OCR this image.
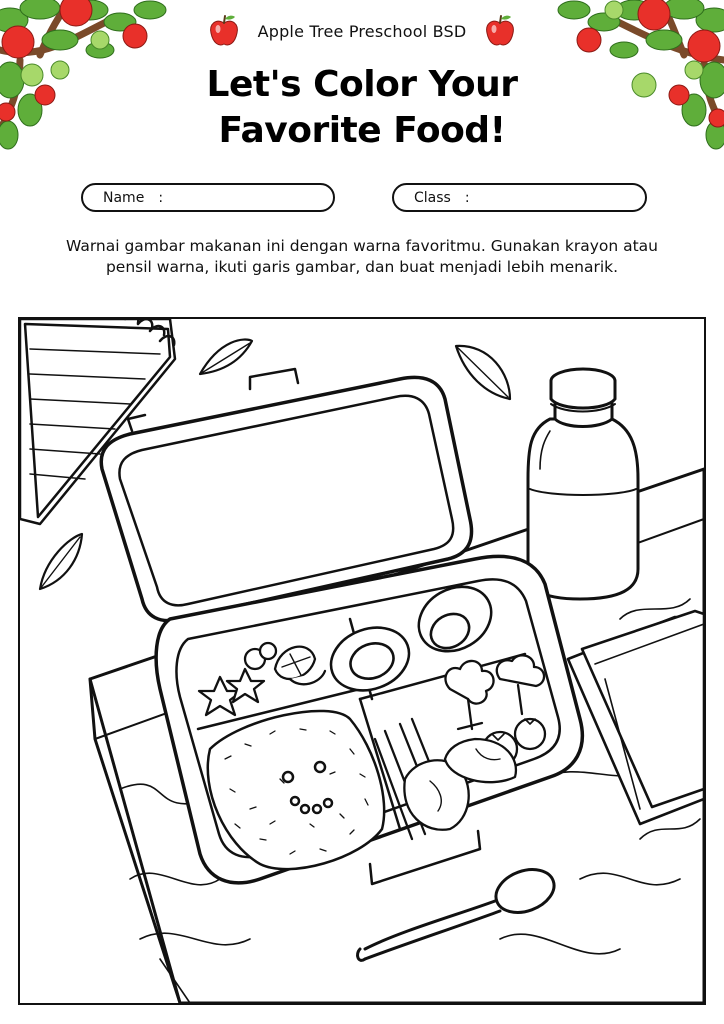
Apple Tree Preschool BSD
Let's Color Your
Favorite Food!
Name :	Class :
Warnai gambar makanan ini dengan warna favoritmu. Gunakan krayon atau
pensil warna, ikuti garis gambar, dan buat menjadi lebih menarik.
